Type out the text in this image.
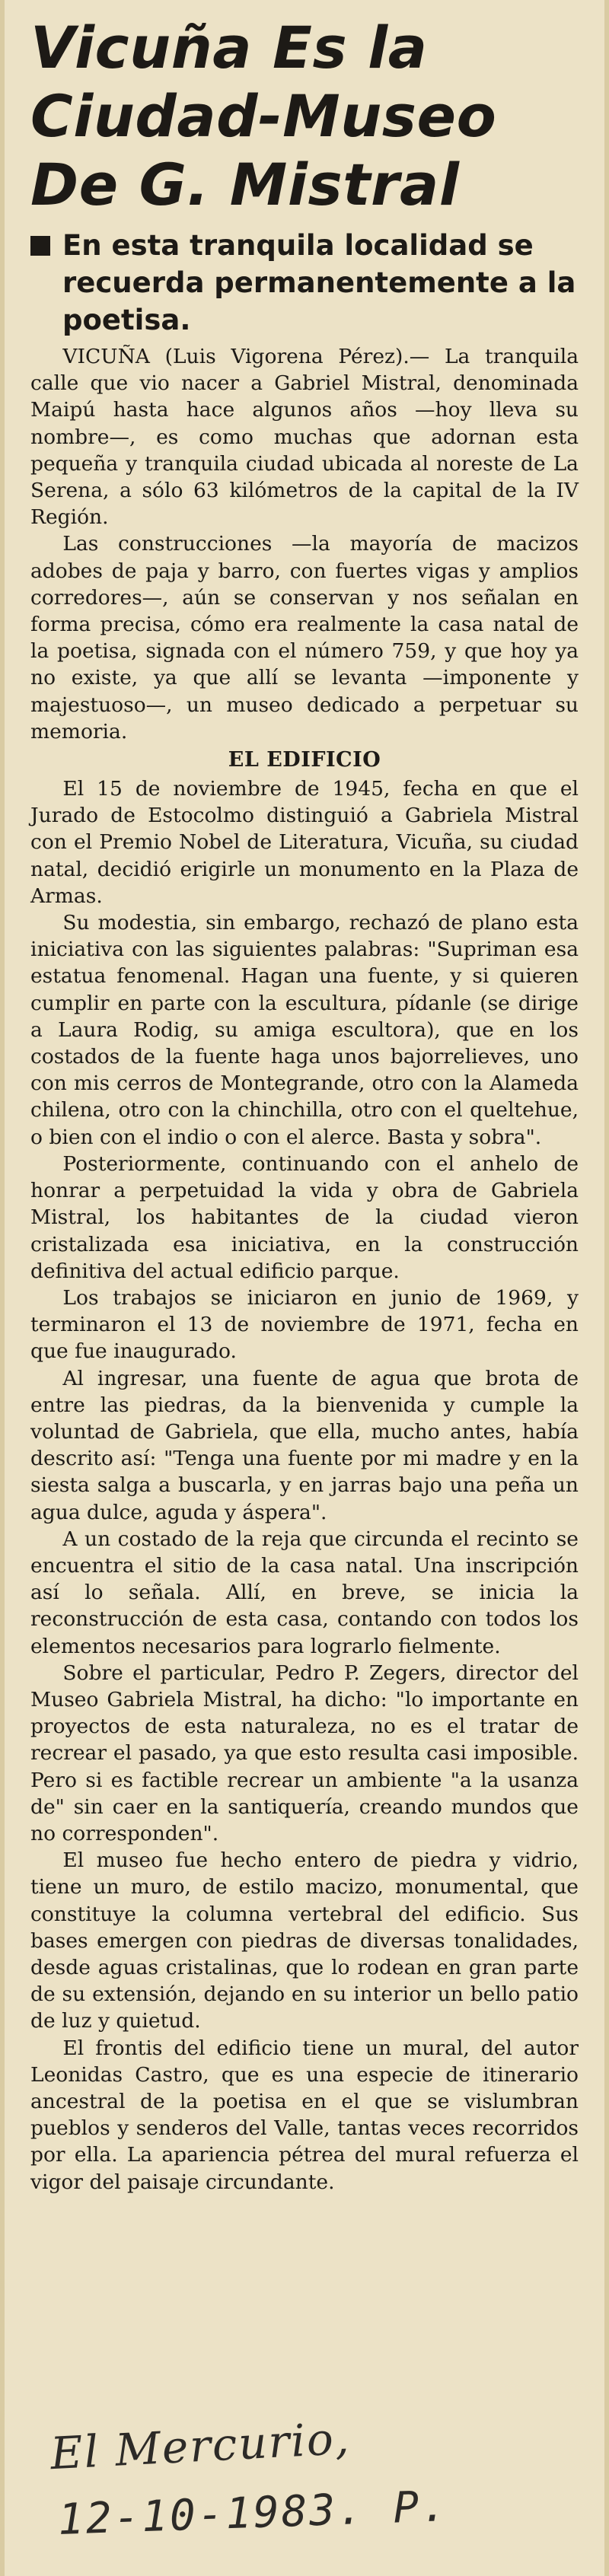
Vicuña Es la Ciudad-Museo De G. Mistral
En esta tranquila localidad se recuerda permanentemente a la poetisa.

VICUÑA (Luis Vigorena Pérez).— La tranquila calle que vio nacer a Gabriel Mistral, denominada Maipú hasta hace algunos años —hoy lleva su nombre—, es como muchas que adornan esta pequeña y tranquila ciudad ubicada al noreste de La Serena, a sólo 63 kilómetros de la capital de la IV Región.

Las construcciones —la mayoría de macizos adobes de paja y barro, con fuertes vigas y amplios corredores—, aún se conservan y nos señalan en forma precisa, cómo era realmente la casa natal de la poetisa, signada con el número 759, y que hoy ya no existe, ya que allí se levanta —imponente y majestuoso—, un museo dedicado a perpetuar su memoria.

EL EDIFICIO

El 15 de noviembre de 1945, fecha en que el Jurado de Estocolmo distinguió a Gabriela Mistral con el Premio Nobel de Literatura, Vicuña, su ciudad natal, decidió erigirle un monumento en la Plaza de Armas.

Su modestia, sin embargo, rechazó de plano esta iniciativa con las siguientes palabras: "Supriman esa estatua fenomenal. Hagan una fuente, y si quieren cumplir en parte con la escultura, pídanle (se dirige a Laura Rodig, su amiga escultora), que en los costados de la fuente haga unos bajorrelieves, uno con mis cerros de Montegrande, otro con la Alameda chilena, otro con la chinchilla, otro con el queltehue, o bien con el indio o con el alerce. Basta y sobra".

Posteriormente, continuando con el anhelo de honrar a perpetuidad la vida y obra de Gabriela Mistral, los habitantes de la ciudad vieron cristalizada esa iniciativa, en la construcción definitiva del actual edificio parque.

Los trabajos se iniciaron en junio de 1969, y terminaron el 13 de noviembre de 1971, fecha en que fue inaugurado.

Al ingresar, una fuente de agua que brota de entre las piedras, da la bienvenida y cumple la voluntad de Gabriela, que ella, mucho antes, había descrito así: "Tenga una fuente por mi madre y en la siesta salga a buscarla, y en jarras bajo una peña un agua dulce, aguda y áspera".

A un costado de la reja que circunda el recinto se encuentra el sitio de la casa natal. Una inscripción así lo señala. Allí, en breve, se inicia la reconstrucción de esta casa, contando con todos los elementos necesarios para lograrlo fielmente.

Sobre el particular, Pedro P. Zegers, director del Museo Gabriela Mistral, ha dicho: "lo importante en proyectos de esta naturaleza, no es el tratar de recrear el pasado, ya que esto resulta casi imposible. Pero si es factible recrear un ambiente "a la usanza de" sin caer en la santiquería, creando mundos que no corresponden".

El museo fue hecho entero de piedra y vidrio, tiene un muro, de estilo macizo, monumental, que constituye la columna vertebral del edificio. Sus bases emergen con piedras de diversas tonalidades, desde aguas cristalinas, que lo rodean en gran parte de su extensión, dejando en su interior un bello patio de luz y quietud.

El frontis del edificio tiene un mural, del autor Leonidas Castro, que es una especie de itinerario ancestral de la poetisa en el que se vislumbran pueblos y senderos del Valle, tantas veces recorridos por ella. La apariencia pétrea del mural refuerza el vigor del paisaje circundante.

El Mercurio,
12-10-1983. P.
